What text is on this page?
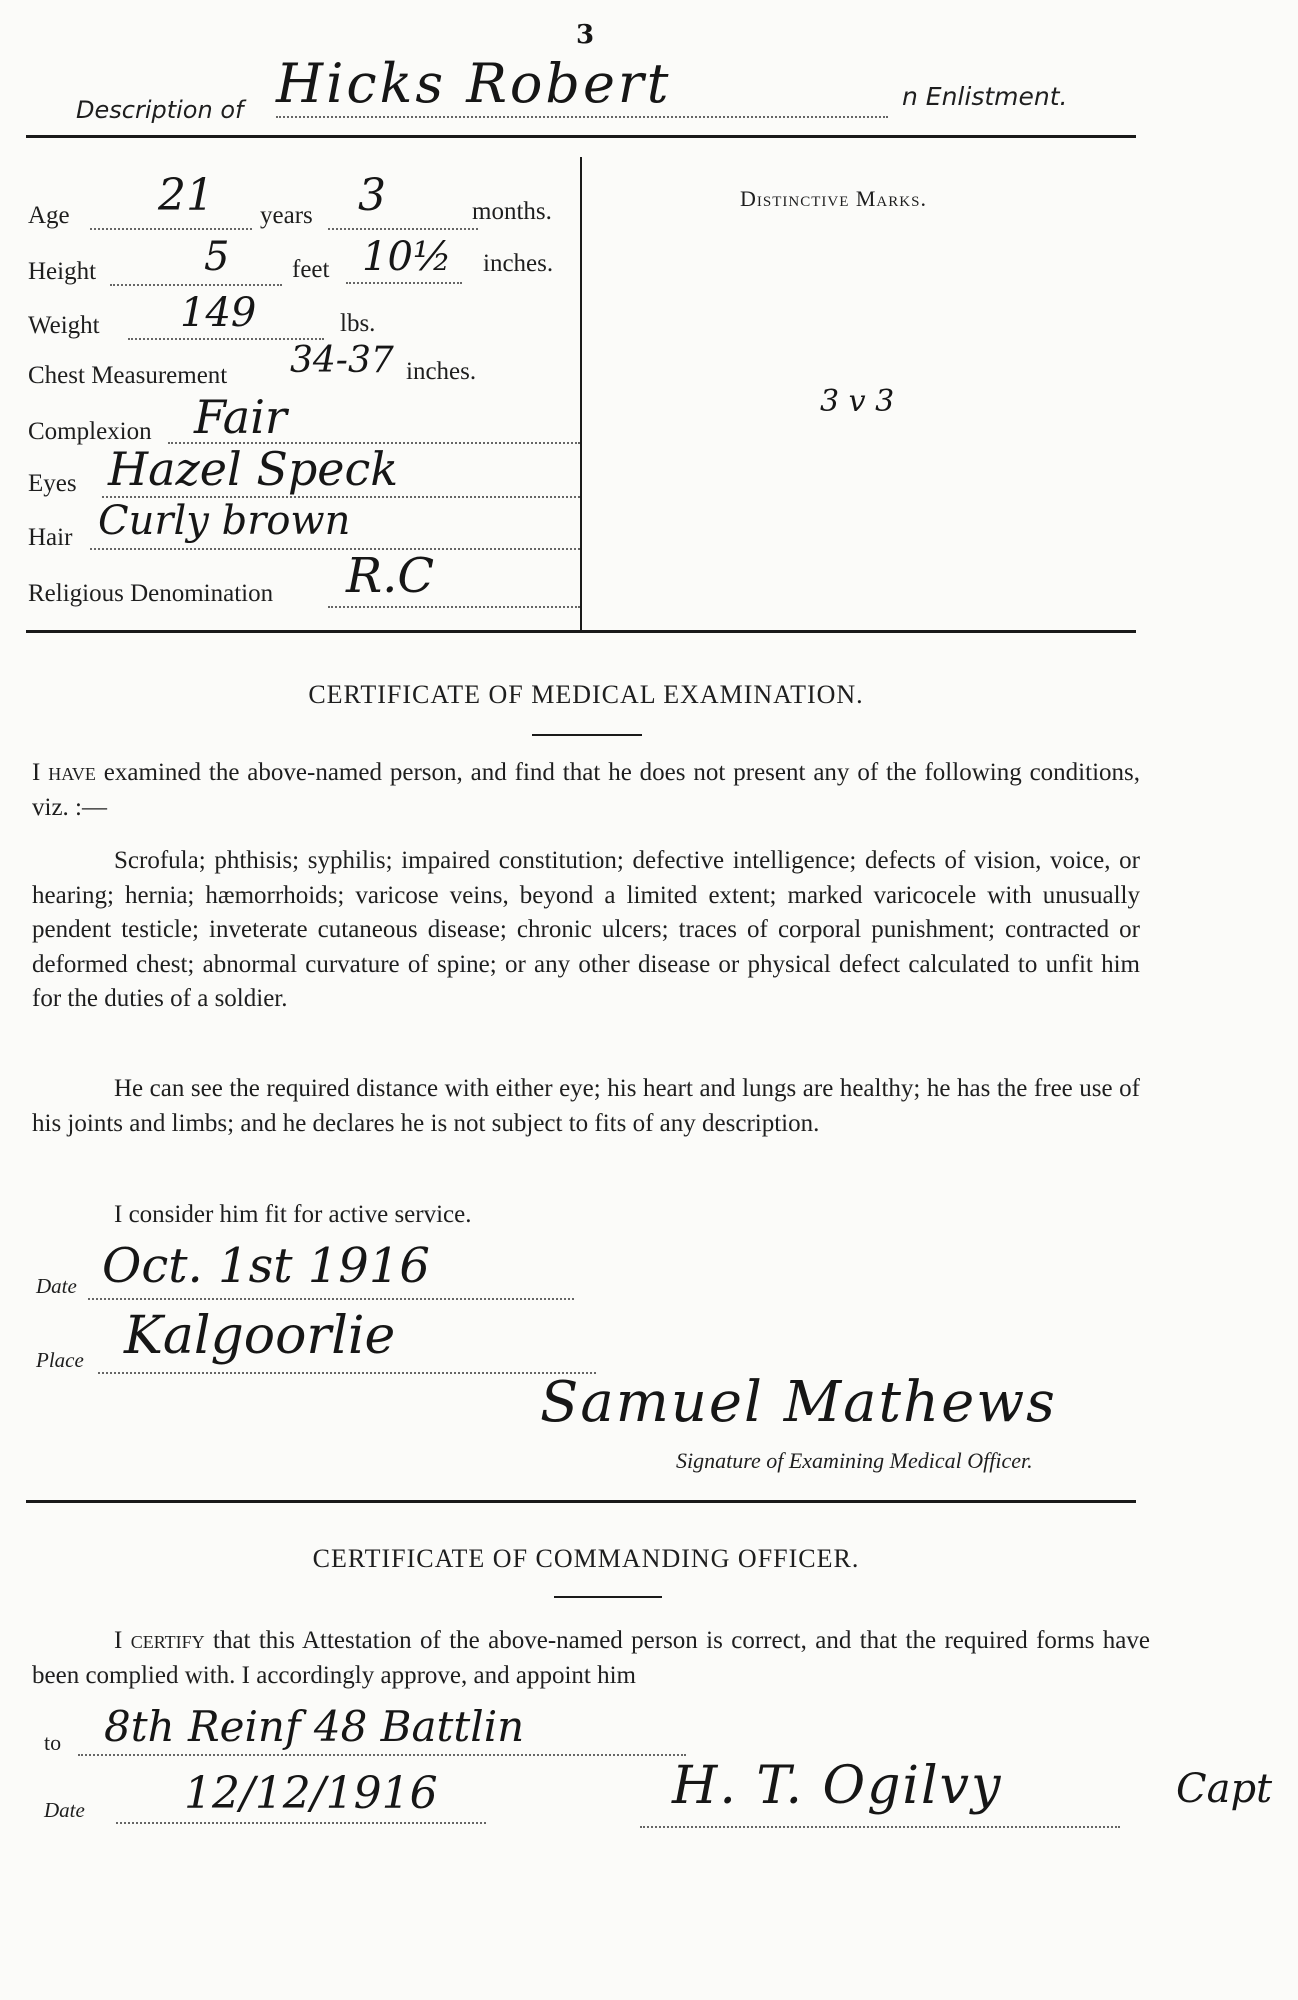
Description of Hicks Robert
3
n Enlistment.
Age 21 years 3	months.
Height	5	feet 10½ inches.
Weight 149	lbs.
Chest Measurement 34-37 inches.
Complexion Fair
Eyes Hazel Speck
Hair Curly brown
Religious Denomination R.C
Distinctive Marks.
3 v 3
CERTIFICATE OF MEDICAL EXAMINATION.
I have examined the above-named person, and find that he does not present any of the following conditions, viz. :—
Scrofula; phthisis; syphilis; impaired constitution; defective intelligence; defects of vision, voice, or hearing; hernia; hæmorrhoids; varicose veins, beyond a limited extent; marked varicocele with unusually pendent testicle; inveterate cutaneous disease; chronic ulcers; traces of corporal punishment; contracted or deformed chest; abnormal curvature of spine; or any other disease or physical defect calculated to unfit him for the duties of a soldier.
He can see the required distance with either eye; his heart and lungs are healthy; he has the free use of his joints and limbs; and he declares he is not subject to fits of any description.
I consider him fit for active service.
Date Oct. 1st 1916
Place Kalgoorlie
Samuel Mathews
Signature of Examining Medical Officer.
CERTIFICATE OF COMMANDING OFFICER.
I certify that this Attestation of the above-named person is correct, and that the required forms have been complied with. I accordingly approve, and appoint him
to 8th Reinf 48 Battlin
Date 12/12/1916	H. T. Ogilvy	Capt
